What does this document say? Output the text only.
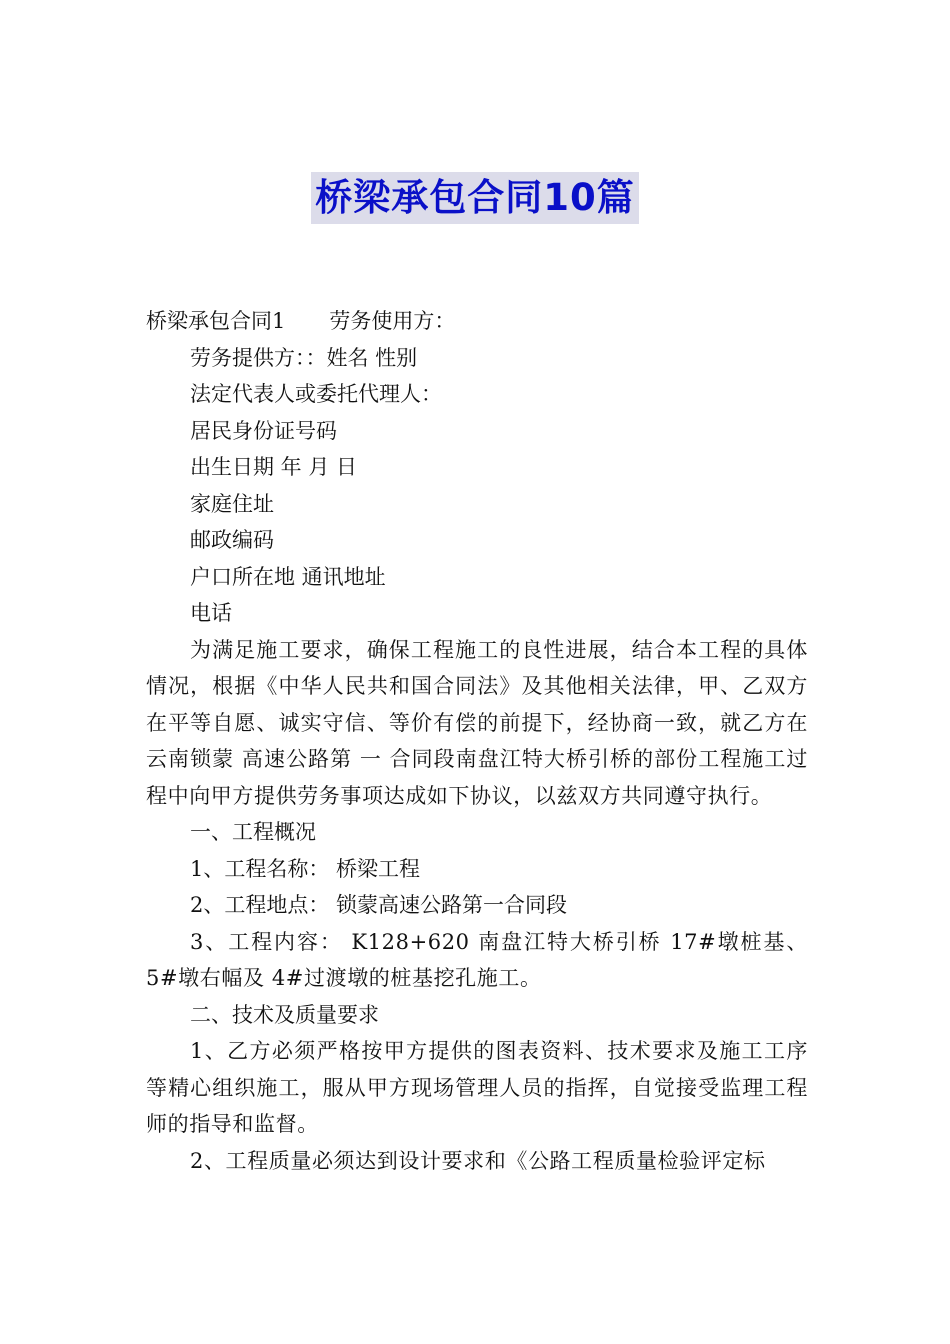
桥梁承包合同10篇
桥梁承包合同1 劳务使用方：
劳务提供方：：姓名 性别
法定代表人或委托代理人：
居民身份证号码
出生日期 年 月 日
家庭住址
邮政编码
户口所在地 通讯地址
电话
为满足施工要求，确保工程施工的良性进展，结合本工程的具体情况，根据《中华人民共和国合同法》及其他相关法律，甲、乙双方在平等自愿、诚实守信、等价有偿的前提下，经协商一致，就乙方在 云南锁蒙 高速公路第 一 合同段南盘江特大桥引桥的部份工程施工过程中向甲方提供劳务事项达成如下协议，以兹双方共同遵守执行。
一、工程概况
1、工程名称： 桥梁工程
2、工程地点： 锁蒙高速公路第一合同段
3、工程内容： K128+620 南盘江特大桥引桥 17#墩桩基、5#墩右幅及 4#过渡墩的桩基挖孔施工。
二、技术及质量要求
1、乙方必须严格按甲方提供的图表资料、技术要求及施工工序等精心组织施工，服从甲方现场管理人员的指挥，自觉接受监理工程师的指导和监督。
2、工程质量必须达到设计要求和《公路工程质量检验评定标
